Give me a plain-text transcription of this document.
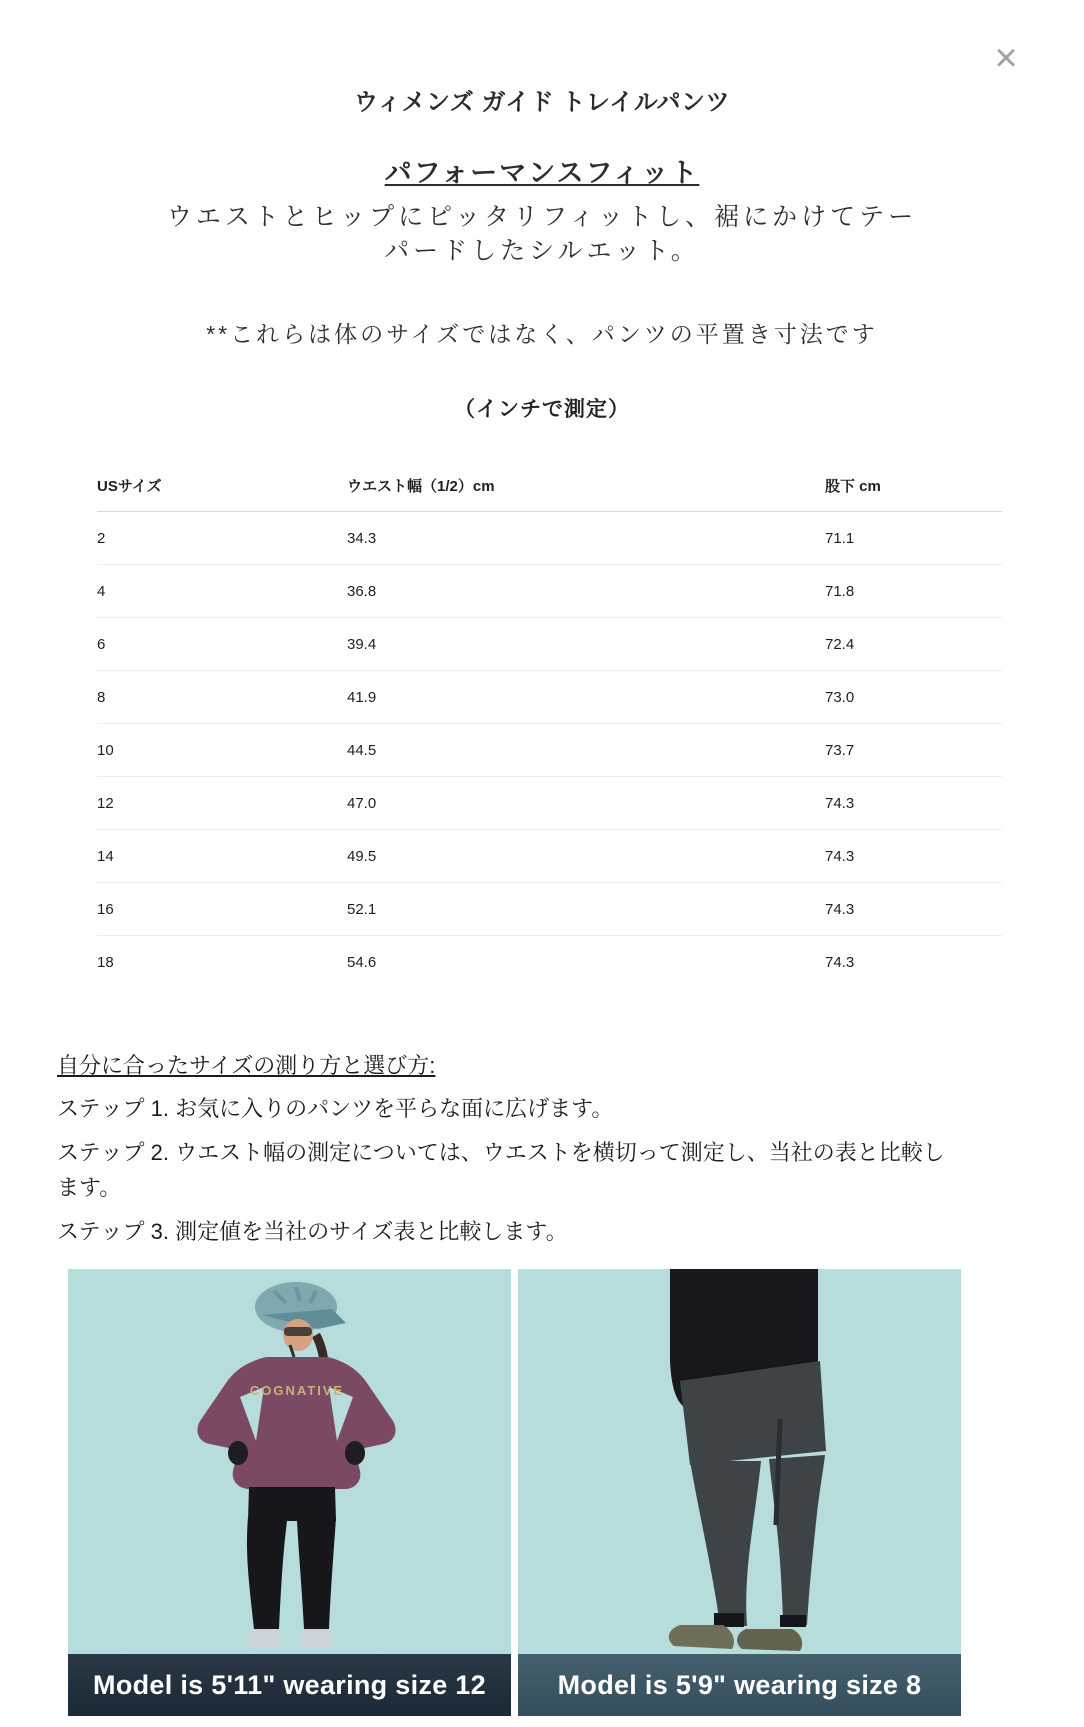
×
ウィメンズ ガイド トレイルパンツ
パフォーマンスフィット
ウエストとヒップにピッタリフィットし、裾にかけてテー
パードしたシルエット。
**これらは体のサイズではなく、パンツの平置き寸法です
（インチで測定）
USサイズ	ウエスト幅（1/2）cm	股下 cm
2	34.3	71.1
4	36.8	71.8
6	39.4	72.4
8	41.9	73.0
10	44.5	73.7
12	47.0	74.3
14	49.5	74.3
16	52.1	74.3
18	54.6	74.3

自分に合ったサイズの測り方と選び方:

ステップ 1. お気に入りのパンツを平らな面に広げます。
ステップ 2. ウエスト幅の測定については、ウエストを横切って測定し、当社の表と比較します。
ステップ 3. 測定値を当社のサイズ表と比較します。
COGNATIVE
Model is 5'11" wearing size 12	Model is 5'9" wearing size 8
